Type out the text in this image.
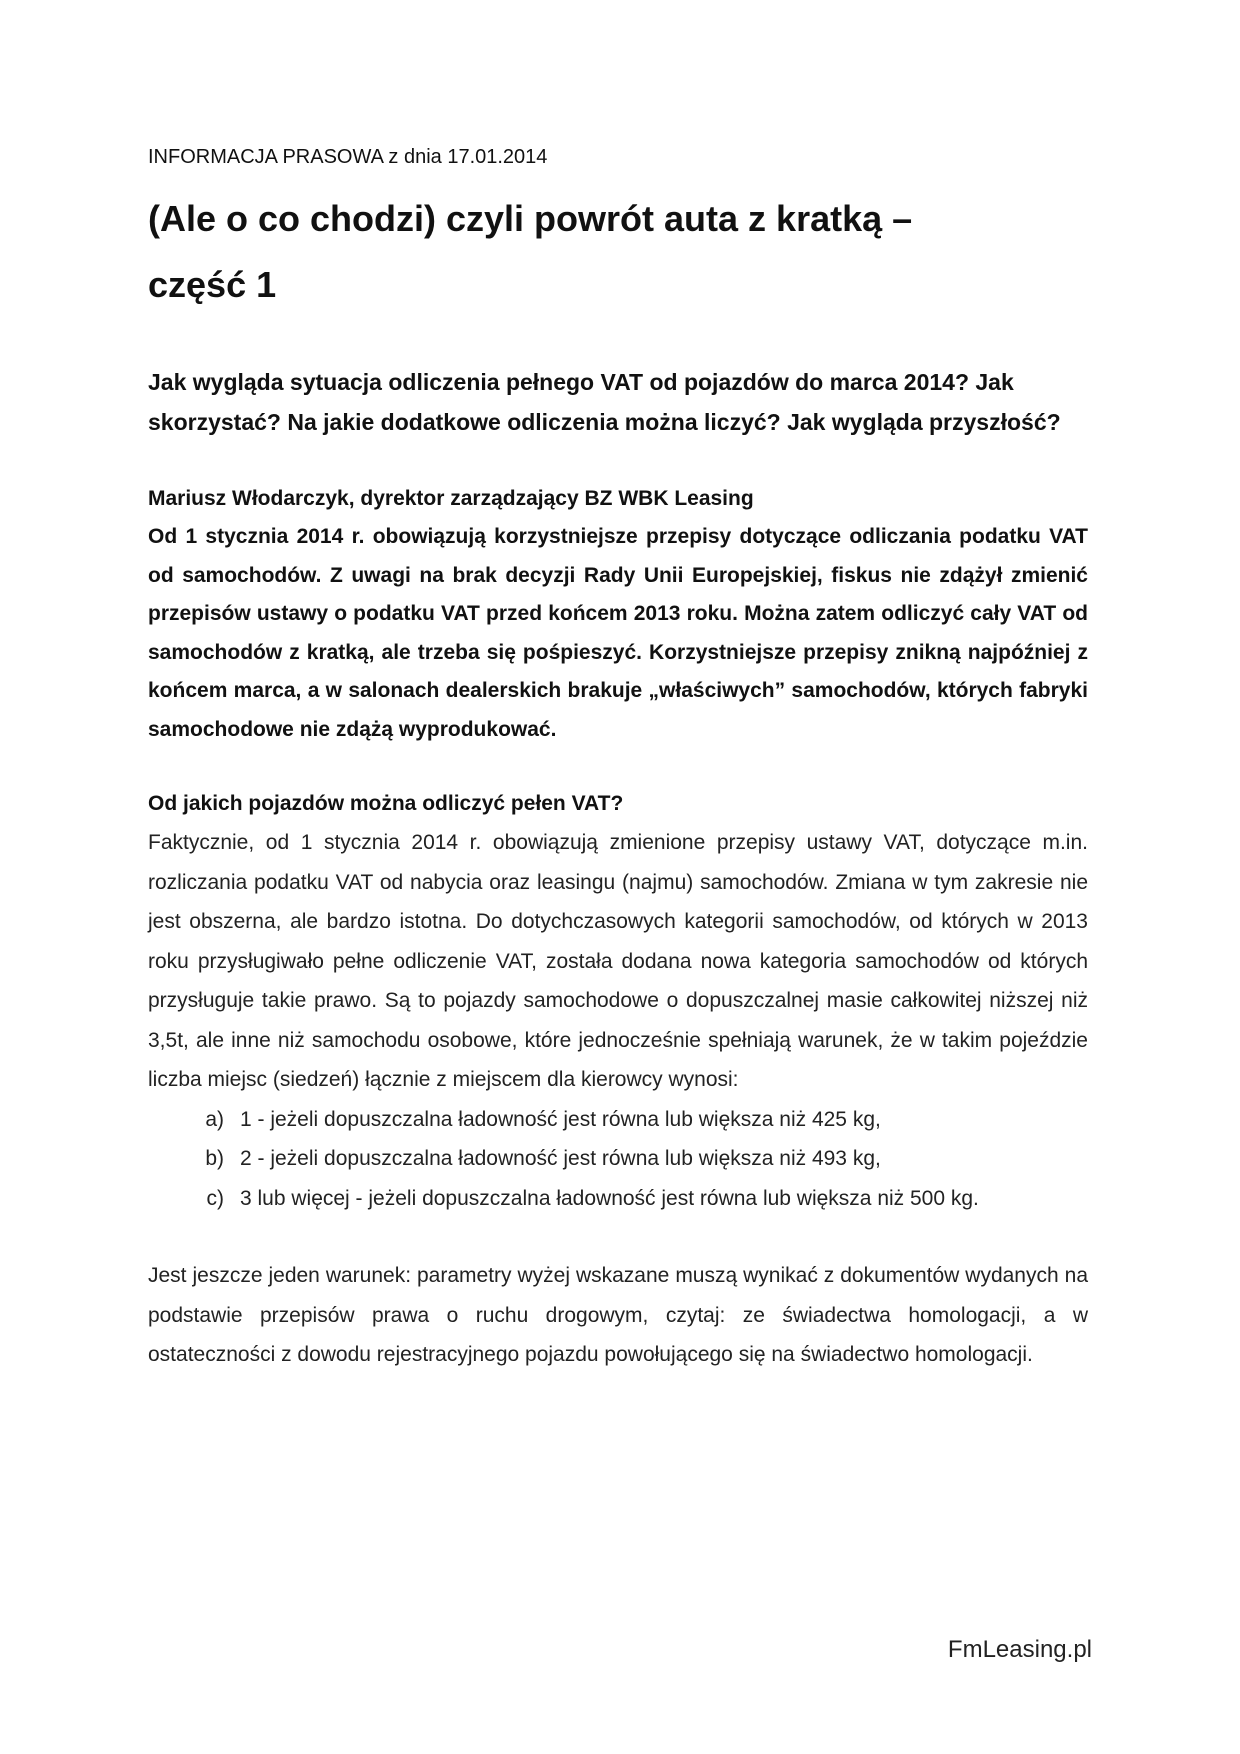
INFORMACJA PRASOWA z dnia 17.01.2014

(Ale o co chodzi) czyli powrót auta z kratką –
część 1

Jak wygląda sytuacja odliczenia pełnego VAT od pojazdów do marca 2014? Jak skorzystać? Na jakie dodatkowe odliczenia można liczyć? Jak wygląda przyszłość?

Mariusz Włodarczyk, dyrektor zarządzający BZ WBK Leasing

Od 1 stycznia 2014 r. obowiązują korzystniejsze przepisy dotyczące odliczania podatku VAT od samochodów. Z uwagi na brak decyzji Rady Unii Europejskiej, fiskus nie zdążył zmienić przepisów ustawy o podatku VAT przed końcem 2013 roku. Można zatem odliczyć cały VAT od samochodów z kratką, ale trzeba się pośpieszyć. Korzystniejsze przepisy znikną najpóźniej z końcem marca, a w salonach dealerskich brakuje „właściwych” samochodów, których fabryki samochodowe nie zdążą wyprodukować.

Od jakich pojazdów można odliczyć pełen VAT?

Faktycznie, od 1 stycznia 2014 r. obowiązują zmienione przepisy ustawy VAT, dotyczące m.in. rozliczania podatku VAT od nabycia oraz leasingu (najmu) samochodów. Zmiana w tym zakresie nie jest obszerna, ale bardzo istotna. Do dotychczasowych kategorii samochodów, od których w 2013 roku przysługiwało pełne odliczenie VAT, została dodana nowa kategoria samochodów od których przysługuje takie prawo. Są to pojazdy samochodowe o dopuszczalnej masie całkowitej niższej niż 3,5t, ale inne niż samochodu osobowe, które jednocześnie spełniają warunek, że w takim pojeździe liczba miejsc (siedzeń) łącznie z miejscem dla kierowcy wynosi:

a) 1 - jeżeli dopuszczalna ładowność jest równa lub większa niż 425 kg,
b) 2 - jeżeli dopuszczalna ładowność jest równa lub większa niż 493 kg,
c) 3 lub więcej - jeżeli dopuszczalna ładowność jest równa lub większa niż 500 kg.

Jest jeszcze jeden warunek: parametry wyżej wskazane muszą wynikać z dokumentów wydanych na podstawie przepisów prawa o ruchu drogowym, czytaj: ze świadectwa homologacji, a w ostateczności z dowodu rejestracyjnego pojazdu powołującego się na świadectwo homologacji.

FmLeasing.pl
